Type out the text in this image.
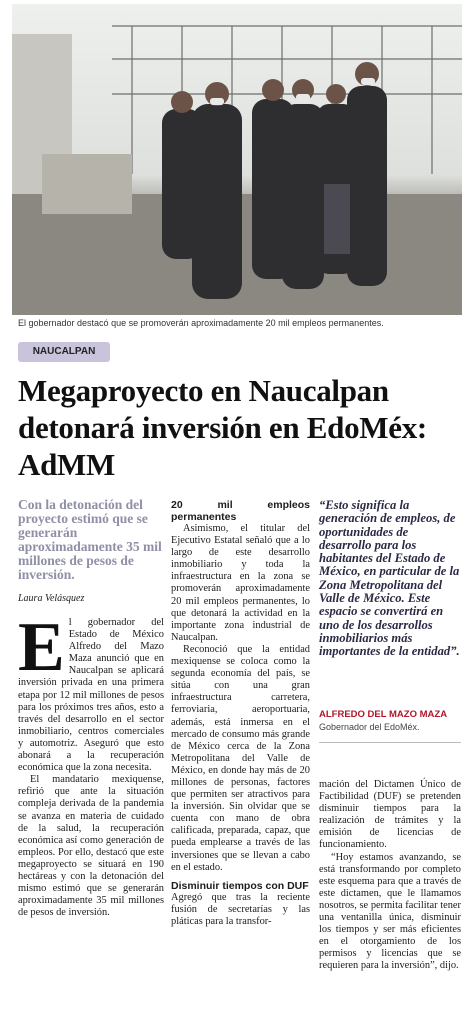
El gobernador destacó que se promoverán aproximadamente 20 mil empleos permanentes.
NAUCALPAN
Megaproyecto en Naucalpan detonará inversión en EdoMéx: AdMM
Con la detonación del proyecto estimó que se generarán aproximadamente 35 mil millones de pesos de inversión.
Laura Velásquez
E l gobernador del Estado de México Alfredo del Mazo Maza anunció que en Naucalpan se aplicará inversión privada en una primera etapa por 12 mil millones de pesos para los próximos tres años, esto a través del desarrollo en el sector inmobiliario, centros comerciales y automotriz. Aseguró que esto abonará a la recuperación económica que la zona necesita.

El mandatario mexiquense, refirió que ante la situación compleja derivada de la pandemia se avanza en materia de cuidado de la salud, la recuperación económica así como generación de empleos. Por ello, destacó que este megaproyecto se situará en 190 hectáreas y con la detonación del mismo estimó que se generarán aproximadamente 35 mil millones de pesos de inversión.

20 mil empleos permanentes

Asimismo, el titular del Ejecutivo Estatal señaló que a lo largo de este desarrollo inmobiliario y toda la infraestructura en la zona se promoverán aproximadamente 20 mil empleos permanentes, lo que detonará la actividad en la importante zona industrial de Naucalpan.

Reconoció que la entidad mexiquense se coloca como la segunda economía del país, se sitúa con una gran infraestructura carretera, ferroviaria, aeroportuaria, además, está inmersa en el mercado de consumo más grande de México cerca de la Zona Metropolitana del Valle de México, en donde hay más de 20 millones de personas, factores que permiten ser atractivos para la inversión. Sin olvidar que se cuenta con mano de obra calificada, preparada, capaz, que pueda emplearse a través de las inversiones que se llevan a cabo en el estado.

Disminuir tiempos con DUF

Agregó que tras la reciente fusión de secretarías y las pláticas para la transfor-

“Esto significa la generación de empleos, de oportunidades de desarrollo para los habitantes del Estado de México, en particular de la Zona Metropolitana del Valle de México. Este espacio se convertirá en uno de los desarrollos inmobiliarios más importantes de la entidad”.
ALFREDO DEL MAZO MAZA
Gobernador del EdoMéx.

mación del Dictamen Único de Factibilidad (DUF) se pretenden disminuir tiempos para la realización de trámites y la emisión de licencias de funcionamiento.

“Hoy estamos avanzando, se está transformando por completo este esquema para que a través de este dictamen, que le llamamos nosotros, se permita facilitar tener una ventanilla única, disminuir los tiempos y ser más eficientes en el otorgamiento de los permisos y licencias que se requieren para la inversión”, dijo.
